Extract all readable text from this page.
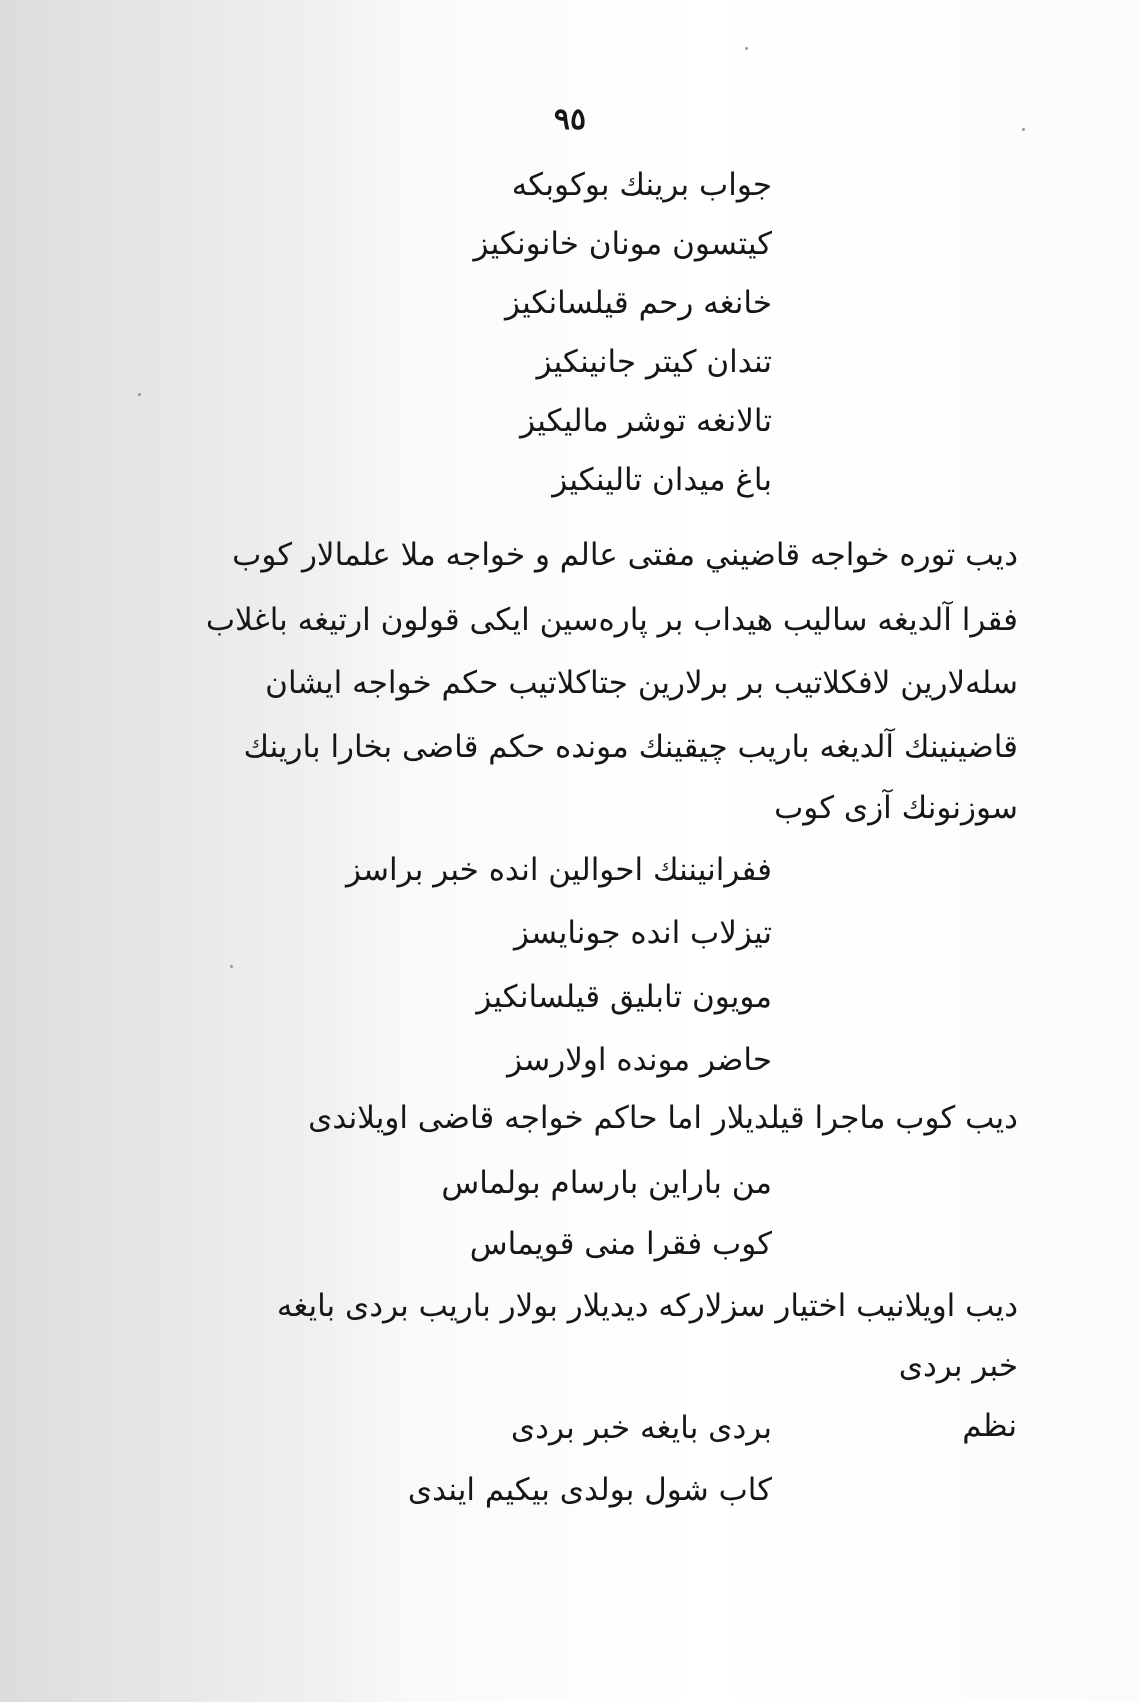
٩٥
جواب برينك بوكوبكه
كيتسون مونان خانونكيز
خانغه رحم قيلسانكيز
تندان كيتر جانينكيز
تالانغه توشر ماليكيز
باغ ميدان تالينكيز
ديب توره خواجه قاضيني مفتى عالم و خواجه ملا علمالار كوب
فقرا آلديغه ساليب هيداب بر پارەسين ايكى قولون ارتيغه باغلاب
سله‌لارين لافكلاتيب بر برلارين جتاكلاتيب حكم خواجه ايشان
قاضينينك آلديغه باريب چيقينك مونده حكم قاضى بخارا بارينك
سوزنونك آزى كوب
ففرانيننك احوالين انده خبر براسز
تيزلاب انده جونايسز
مويون تابليق قيلسانكيز
حاضر مونده اولارسز
ديب كوب ماجرا قيلديلار اما حاكم خواجه قاضى اويلاندى
من باراين بارسام بولماس
كوب فقرا منى قويماس
ديب اويلانيب اختيار سزلاركه ديديلار بولار باريب بردى بايغه
خبر بردى
نظم
بردى بايغه خبر بردى
كاب شول بولدى بيكيم ايندى
